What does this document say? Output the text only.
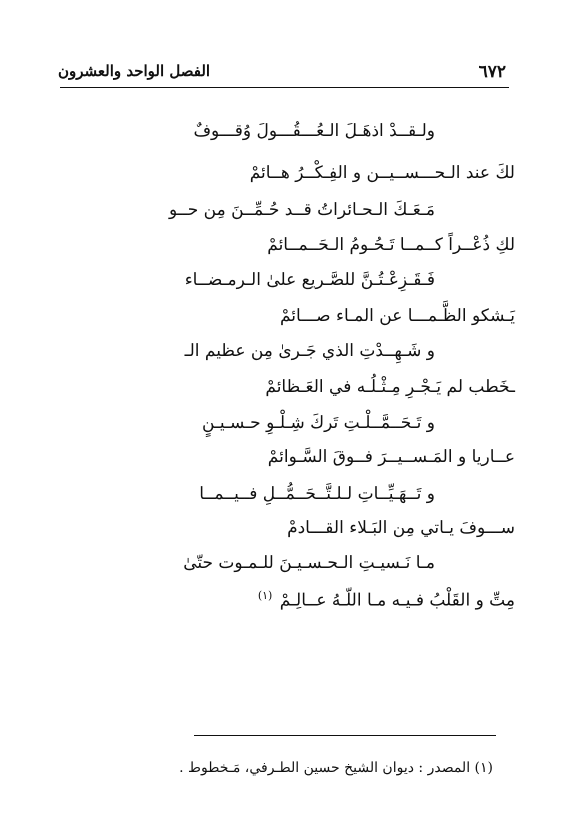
٦٧٢
الفصل الواحد والعشرون
ولـقــدْ اذهَـلَ الـعُـــقُـــولَ وُقـــوفٌ
لكَ عند الـحـــســيــن و الفِـكْــرُ هــائمْ
مَـعَـكَ الـحـائراتُ قــد حُـمِّــنَ مِن حــو
لكِ ذُعْــراً كــمــا تَـحُـومُ الـحَــمــائمْ
فَـقَـزِعْـتُـنَّ للصَّـريع علىٰ الـرمـضــاء
يَـشكو الظَّـمـــا عن المـاء صـــائمْ
و شَـهِــدْتِ الذي جَـرىٰ مِن عظيم الـ
ـخَطب لم يَـجْـرِ مِـثْـلُـه في العَـظائمْ
و تَـحَــمَّــلْـتِ تَركَ شِـلْـوِ حـسـيـنٍ
عــاريا و المَـســيــرَ فــوقَ السَّـوائمْ
و تَــهَـيِّــاتِ لـلـتَّــحَــمُّــلِ فــيــمــا
ســـوفَ يـاتي مِن البَـلاء القـــادمْ
مـا نَـسيـتِ الـحـسـيـنَ للـمـوت حتّىٰ
مِتِّ و القَلْبُ فـيـه مـا اللّـهُ عــالِـمْ $^{(١)}$
(١) المصدر : ديوان الشيخ حسين الطـرفي، مَـخطوط .
